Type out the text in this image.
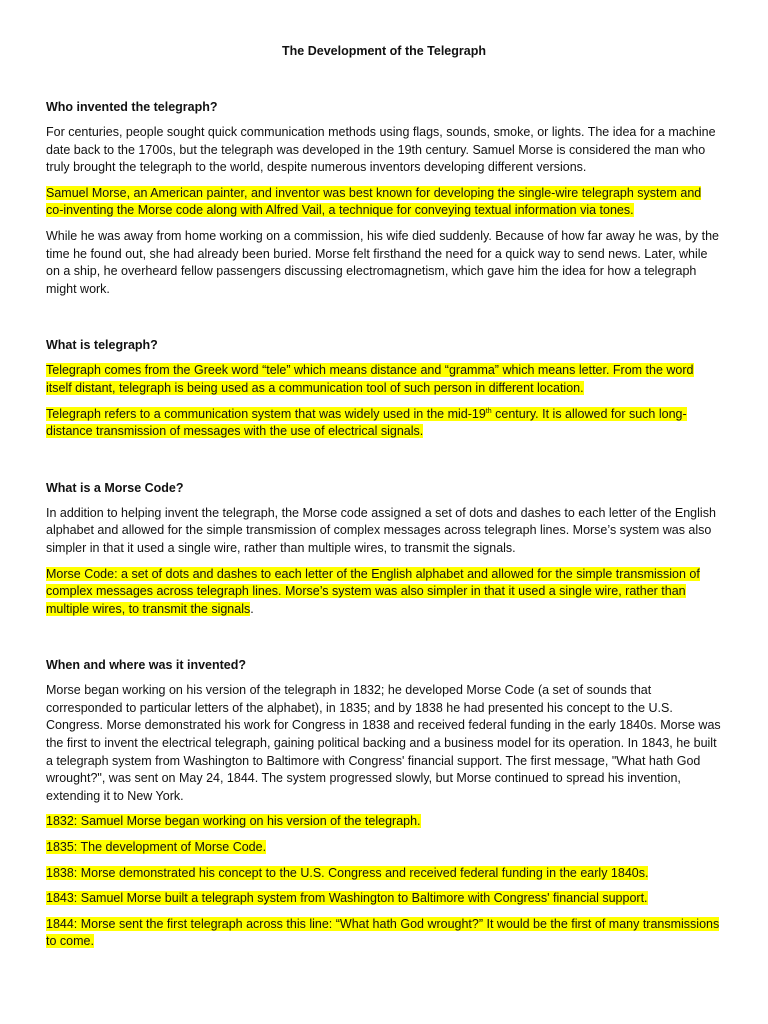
The Development of the Telegraph
Who invented the telegraph?

For centuries, people sought quick communication methods using flags, sounds, smoke, or lights. The idea for a machine date back to the 1700s, but the telegraph was developed in the 19th century. Samuel Morse is considered the man who truly brought the telegraph to the world, despite numerous inventors developing different versions.

Samuel Morse, an American painter, and inventor was best known for developing the single-wire telegraph system and co-inventing the Morse code along with Alfred Vail, a technique for conveying textual information via tones.

While he was away from home working on a commission, his wife died suddenly. Because of how far away he was, by the time he found out, she had already been buried. Morse felt firsthand the need for a quick way to send news. Later, while on a ship, he overheard fellow passengers discussing electromagnetism, which gave him the idea for how a telegraph might work.

What is telegraph?

Telegraph comes from the Greek word “tele” which means distance and “gramma” which means letter. From the word itself distant, telegraph is being used as a communication tool of such person in different location.

Telegraph refers to a communication system that was widely used in the mid-19th century. It is allowed for such long-distance transmission of messages with the use of electrical signals.

What is a Morse Code?

In addition to helping invent the telegraph, the Morse code assigned a set of dots and dashes to each letter of the English alphabet and allowed for the simple transmission of complex messages across telegraph lines. Morse’s system was also simpler in that it used a single wire, rather than multiple wires, to transmit the signals.

Morse Code: a set of dots and dashes to each letter of the English alphabet and allowed for the simple transmission of complex messages across telegraph lines. Morse’s system was also simpler in that it used a single wire, rather than multiple wires, to transmit the signals.

When and where was it invented?

Morse began working on his version of the telegraph in 1832; he developed Morse Code (a set of sounds that corresponded to particular letters of the alphabet), in 1835; and by 1838 he had presented his concept to the U.S. Congress. Morse demonstrated his work for Congress in 1838 and received federal funding in the early 1840s. Morse was the first to invent the electrical telegraph, gaining political backing and a business model for its operation. In 1843, he built a telegraph system from Washington to Baltimore with Congress' financial support. The first message, "What hath God wrought?", was sent on May 24, 1844. The system progressed slowly, but Morse continued to spread his invention, extending it to New York.

1832: Samuel Morse began working on his version of the telegraph.

1835: The development of Morse Code.

1838: Morse demonstrated his concept to the U.S. Congress and received federal funding in the early 1840s.

1843: Samuel Morse built a telegraph system from Washington to Baltimore with Congress' financial support.

1844: Morse sent the first telegraph across this line: “What hath God wrought?” It would be the first of many transmissions to come.
